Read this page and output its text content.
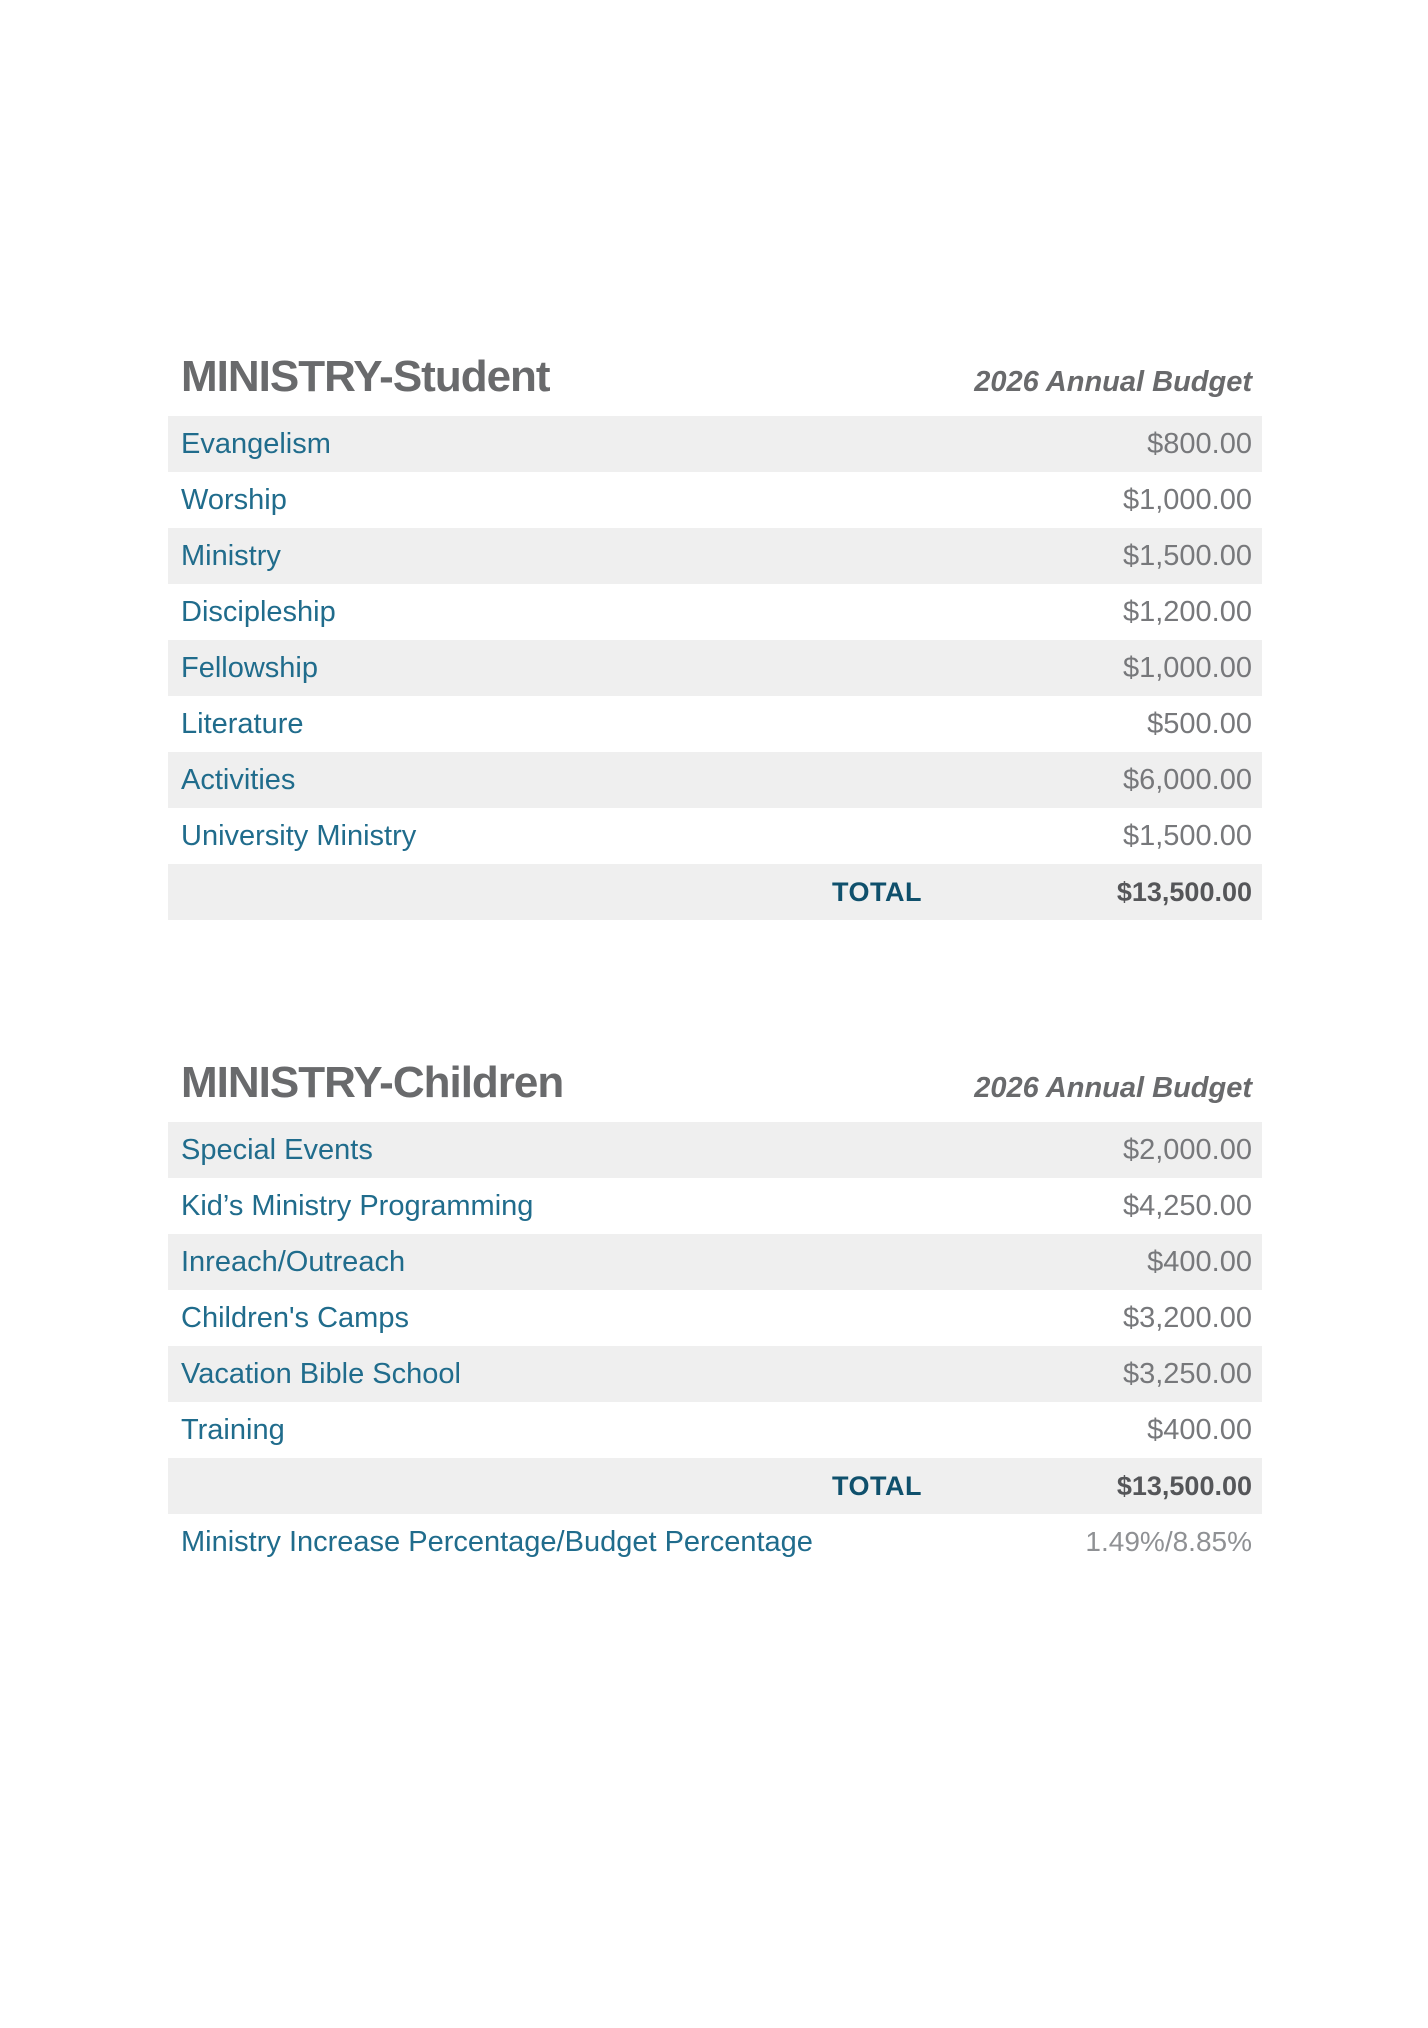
MINISTRY-Student	2026 Annual Budget
Evangelism	$800.00
Worship	$1,000.00
Ministry	$1,500.00
Discipleship	$1,200.00
Fellowship	$1,000.00
Literature	$500.00
Activities	$6,000.00
University Ministry	$1,500.00
TOTAL	$13,500.00
MINISTRY-Children	2026 Annual Budget
Special Events	$2,000.00
Kid’s Ministry Programming	$4,250.00
Inreach/Outreach	$400.00
Children's Camps	$3,200.00
Vacation Bible School	$3,250.00
Training	$400.00
TOTAL	$13,500.00
Ministry Increase Percentage/Budget Percentage	1.49%/8.85%
